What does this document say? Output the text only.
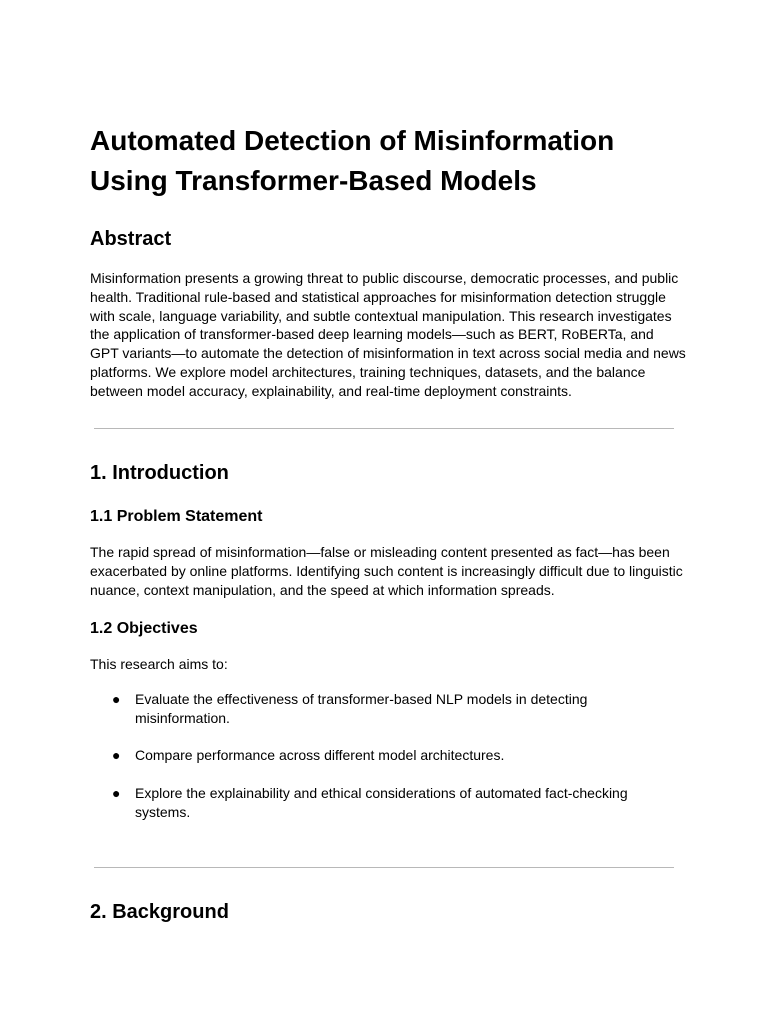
Automated Detection of Misinformation
Using Transformer-Based Models
Abstract

Misinformation presents a growing threat to public discourse, democratic processes, and public
health. Traditional rule-based and statistical approaches for misinformation detection struggle
with scale, language variability, and subtle contextual manipulation. This research investigates
the application of transformer-based deep learning models—such as BERT, RoBERTa, and
GPT variants—to automate the detection of misinformation in text across social media and news
platforms. We explore model architectures, training techniques, datasets, and the balance
between model accuracy, explainability, and real-time deployment constraints.

1. Introduction
1.1 Problem Statement

The rapid spread of misinformation—false or misleading content presented as fact—has been
exacerbated by online platforms. Identifying such content is increasingly difficult due to linguistic
nuance, context manipulation, and the speed at which information spreads.

1.2 Objectives

This research aims to:

● Evaluate the effectiveness of transformer-based NLP models in detecting
misinformation.
● Compare performance across different model architectures.
● Explore the explainability and ethical considerations of automated fact-checking
systems.
2. Background
